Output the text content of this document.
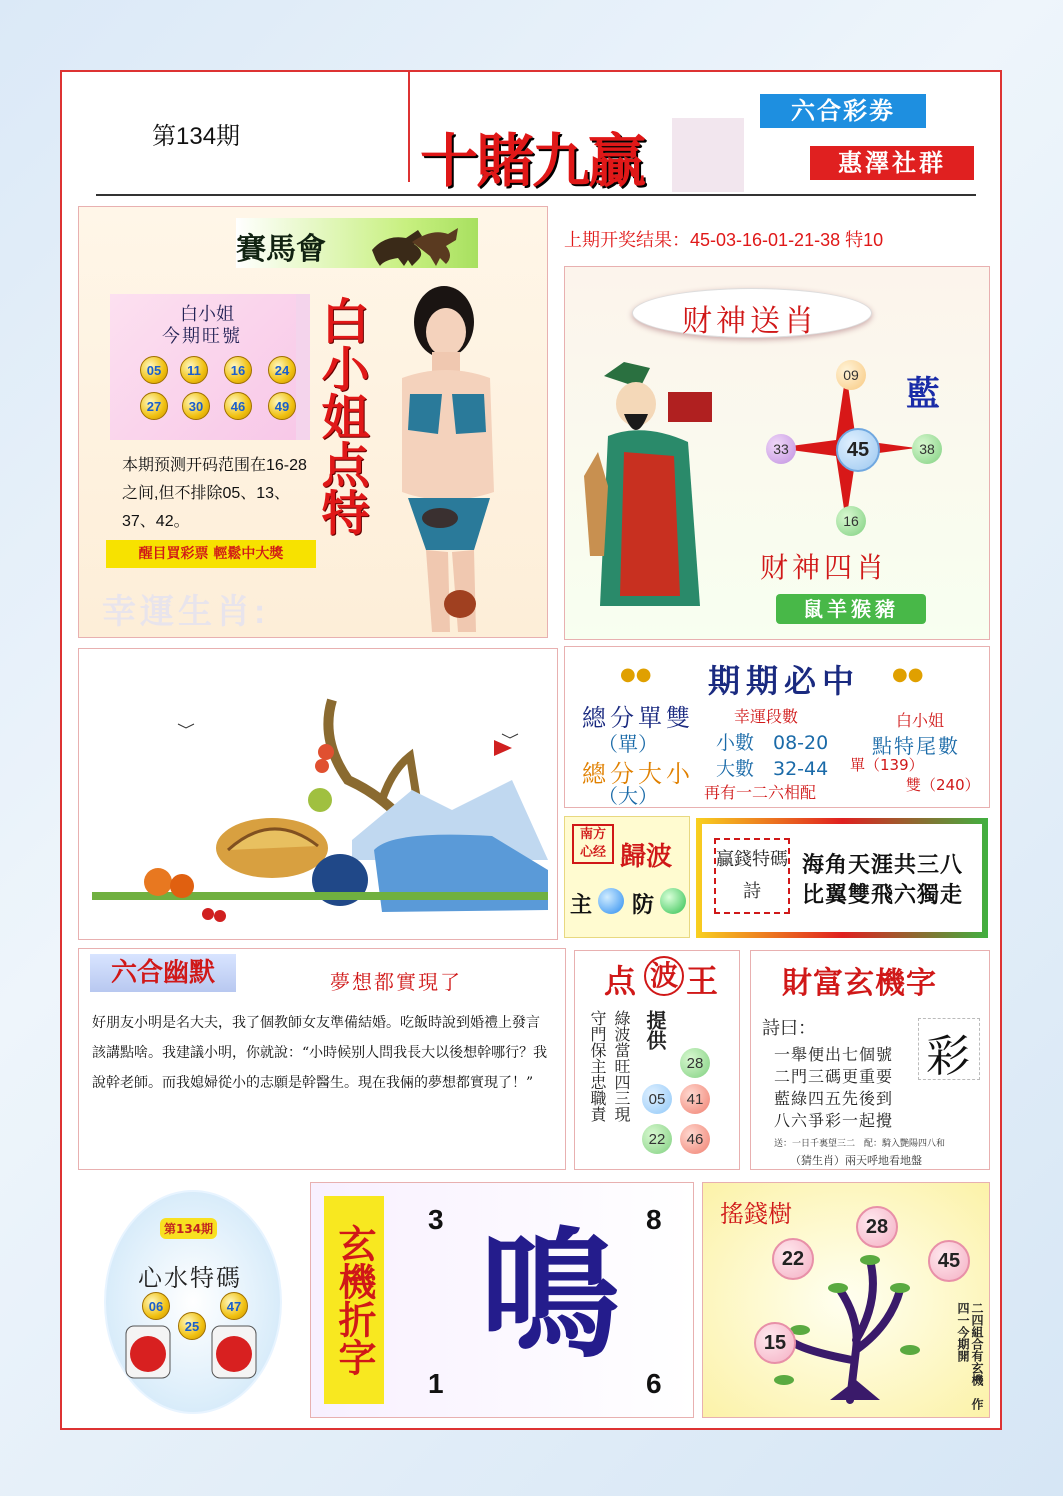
第134期	十賭九贏
六合彩劵
惠澤社群
賽馬會
白小姐
今期旺號
05	11	16	24
27	30	46	49 白小姐点特
本期预测开码范围在16-28之间,但不排除05、13、37、42。
醒目買彩票 輕鬆中大獎
幸運生肖:
上期开奖结果：45-03-16-01-21-38 特10
财神送肖
45
09
33	38
16
藍
财神四肖
鼠羊猴豬
●●	●●
期期必中
總分單雙
（單）
總分大小
（大）
幸運段數
小數　08-20
大數　32-44
再有一二六相配
白小姐
點特尾數
單（139）
雙（240）
南方心经 歸波
主 防
贏錢特碼詩
海角天涯共三八
比翼雙飛六獨走
六合幽默	夢想都實現了
好朋友小明是名大夫，我了個教師女友準備結婚。吃飯時說到婚禮上發言該講點啥。我建議小明，你就說：“小時候别人問我長大以後想幹哪行？我說幹老師。而我媳婦從小的志願是幹醫生。現在我倆的夢想都實現了！”
点 波 王
守門保主忠職責 綠波當旺四三現 提供
28
05	41
22	46
財富玄機字
詩曰：
彩
一舉便出七個號
二門三碼更重要
藍綠四五先後到
八六爭彩一起攪
送：一日千裏望三二　配：騎入艷陽四八和
（猜生肖）兩天呼地看地盤
第134期
心水特碼
06
25
47 玄機折字
3	8
鳴
1	6
搖錢樹	28
22	45
15	二四組合有玄機　作四一今期開
